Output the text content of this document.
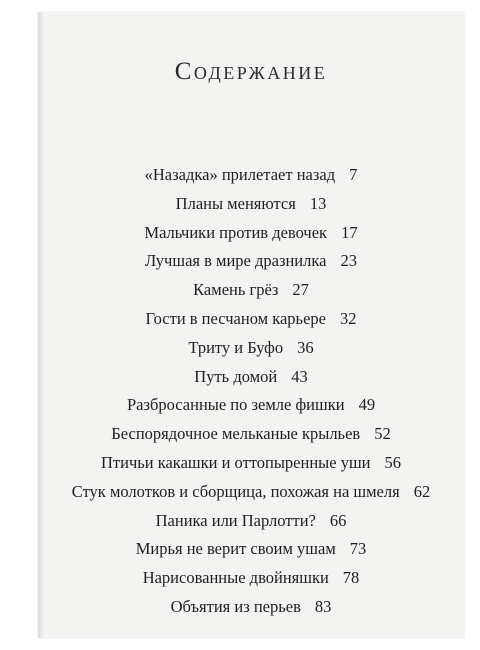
Содержание
«Назадка» прилетает назад 7
Планы меняются 13
Мальчики против девочек 17
Лучшая в мире дразнилка 23
Камень грёз 27
Гости в песчаном карьере 32
Триту и Буфо 36
Путь домой 43
Разбросанные по земле фишки 49
Беспорядочное мельканые крыльев 52
Птичьи какашки и оттопыренные уши 56
Стук молотков и сборщица, похожая на шмеля 62
Паника или Парлотти? 66
Мирья не верит своим ушам 73
Нарисованные двойняшки 78
Объятия из перьев 83
